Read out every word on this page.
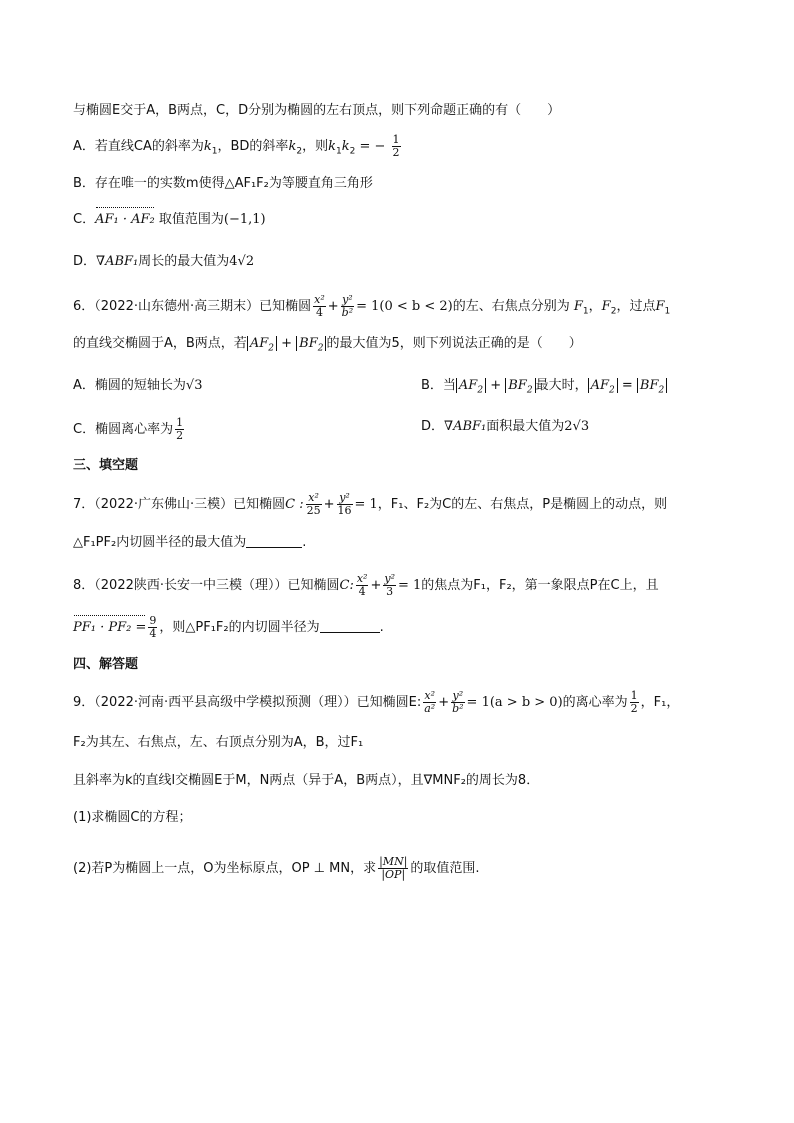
与椭圆E交于A，B两点，C，D分别为椭圆的左右顶点，则下列命题正确的有（　　）
A．若直线CA的斜率为$k_1$，BD的斜率$k_2$，则$k_1k_2$ = − $\frac{1}{2}$
B．存在唯一的实数m使得△AF₁F₂为等腰直角三角形
C．AF₁ · AF₂ 取值范围为(−1,1)
D．∇ABF₁周长的最大值为4√2
6．（2022·山东德州·高三期末）已知椭圆 $\frac{\text{x²}}{4} + \frac{\text{y²}}{\text{b²}} = 1(0 < b < 2)$的左、右焦点分别为 $F_1$，$F_2$，过点$F_1$
的直线交椭圆于A，B两点，若 $AF_2 + BF_2$ 的最大值为5，则下列说法正确的是（　　）
A．椭圆的短轴长为√3	B．当 $AF_2 + BF_2$ 最大时， $AF_2 = BF_2$
C．椭圆离心率为 $\frac{1}{2}$	D．∇ABF₁面积最大值为2√3
三、填空题
7．（2022·广东佛山·三模）已知椭圆C : $\frac{\text{x²}}{25} + \frac{\text{y²}}{16} = 1$，F₁、F₂为C的左、右焦点，P是椭圆上的动点，则
△F₁PF₂内切圆半径的最大值为	.
8．（2022陕西·长安一中三模（理））已知椭圆C: $\frac{\text{x²}}{4} + \frac{\text{y²}}{3} = 1$的焦点为F₁，F₂，第一象限点P在C上，且
$PF_1 \cdot PF_2 = \frac{9}{4}$ ，则△PF₁F₂的内切圆半径为	.
四、解答题
9．（2022·河南·西平县高级中学模拟预测（理））已知椭圆E: $\frac{\text{x²}}{\text{a²}} + \frac{\text{y²}}{\text{b²}} = 1(a > b > 0)$的离心率为 $\frac{1}{2}$ ，F₁，
F₂为其左、右焦点，左、右顶点分别为A，B，过F₁
且斜率为k的直线l交椭圆E于M，N两点（异于A，B两点），且∇MNF₂的周长为8．
(1)求椭圆C的方程；
(2)若P为椭圆上一点，O为坐标原点，OP ⊥ MN，求 $\frac{|MN|}{|OP|}$ 的取值范围.
